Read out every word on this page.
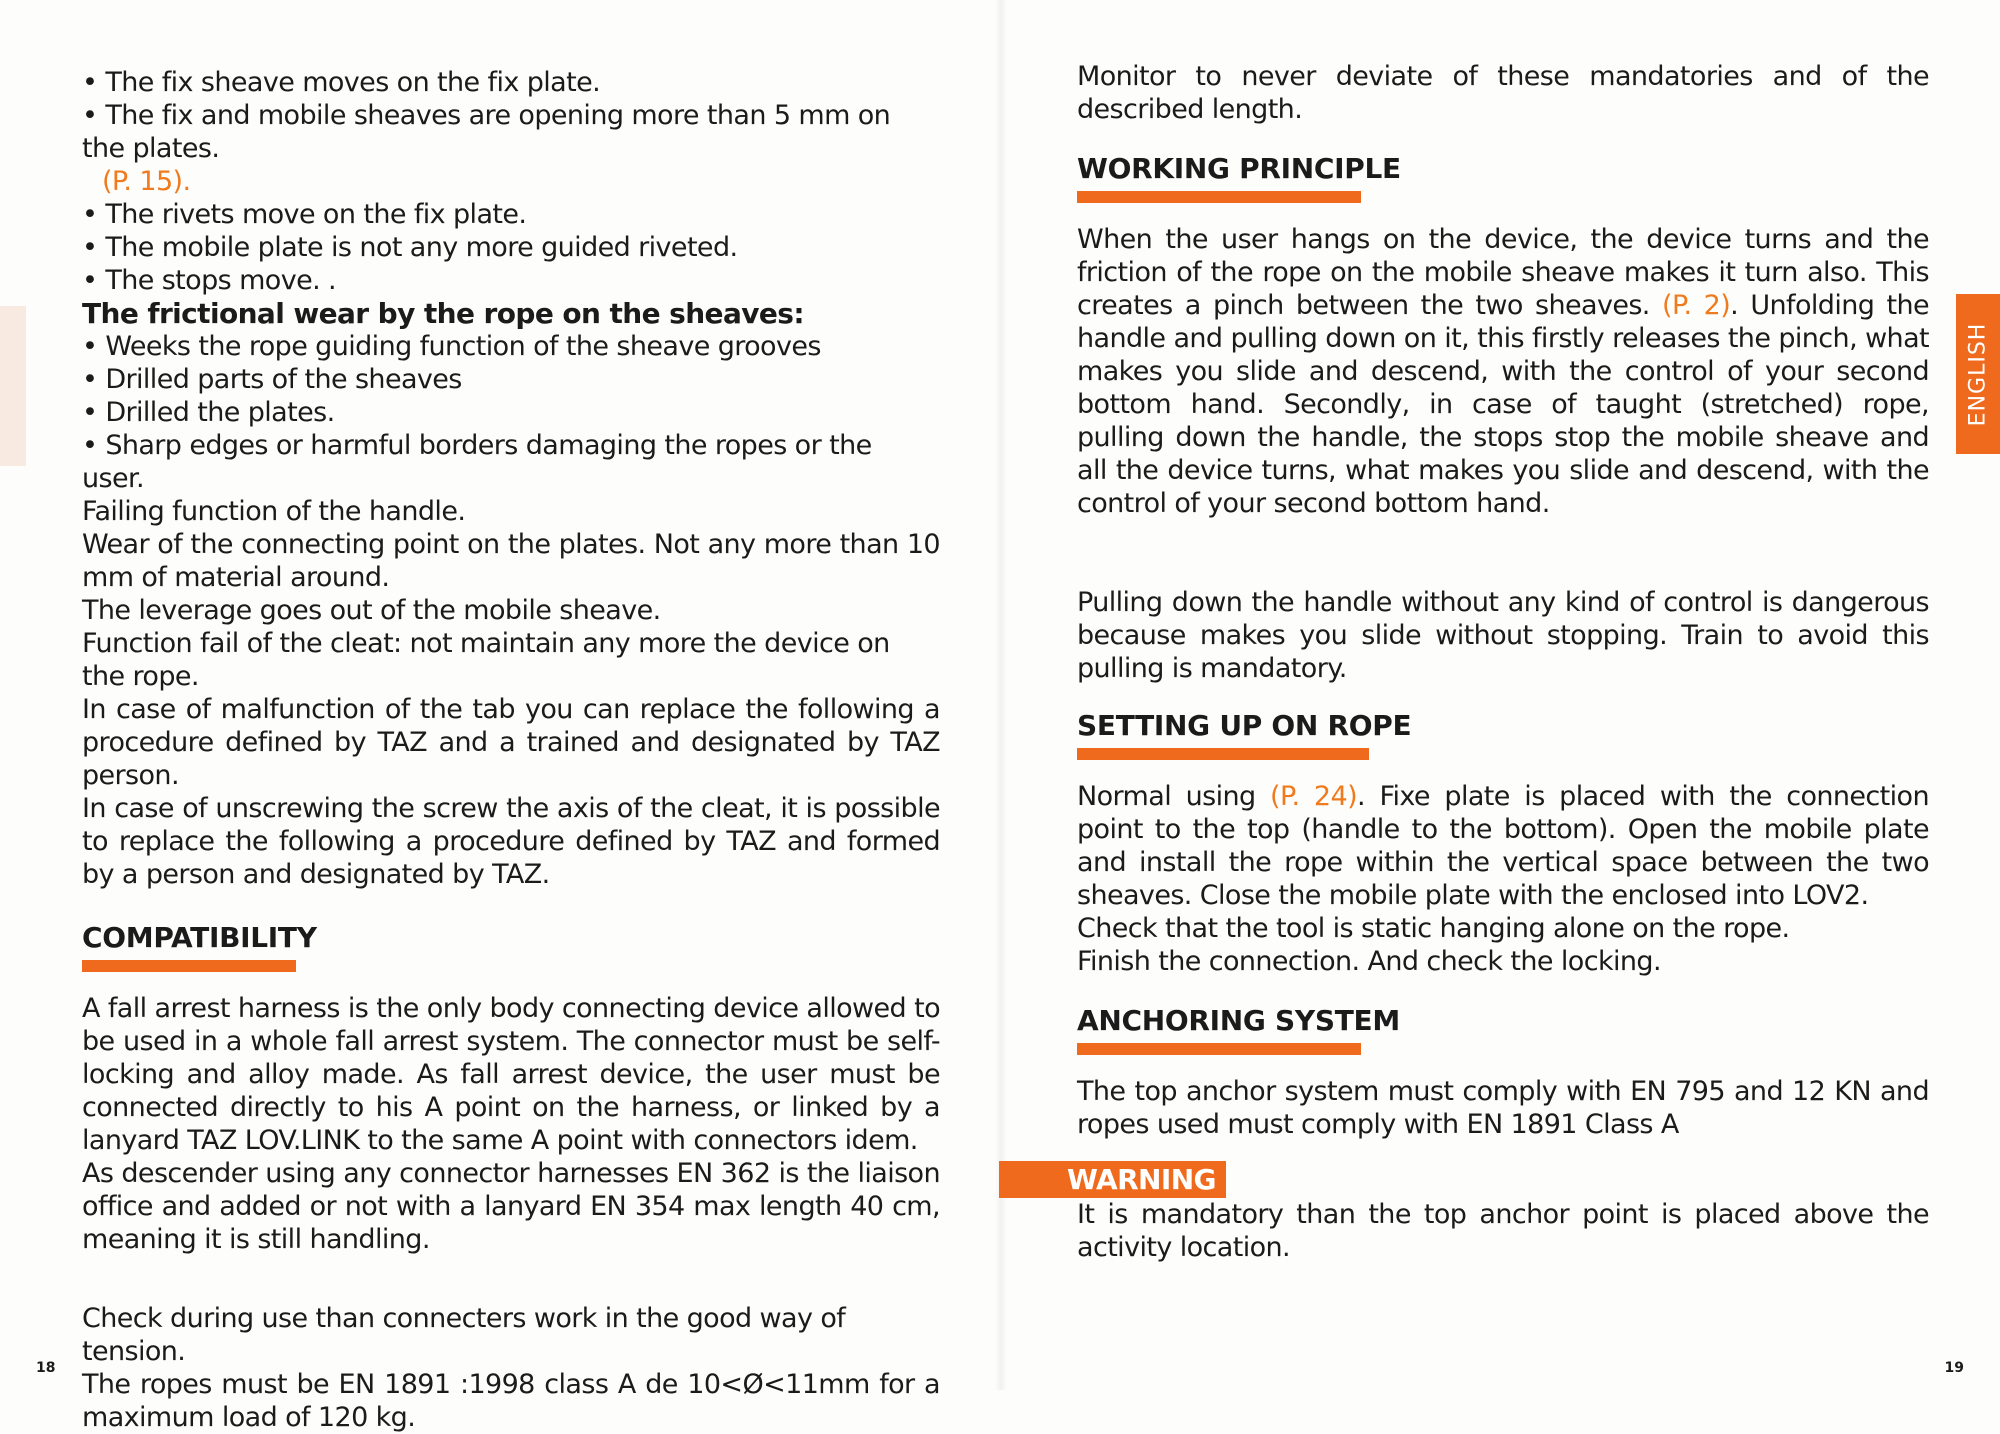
• The fix sheave moves on the fix plate.

• The fix and mobile sheaves are opening more than 5 mm on the plates.

(P. 15).

• The rivets move on the fix plate.

• The mobile plate is not any more guided riveted.

• The stops move. .

The frictional wear by the rope on the sheaves:

• Weeks the rope guiding function of the sheave grooves

• Drilled parts of the sheaves

• Drilled the plates.

• Sharp edges or harmful borders damaging the ropes or the user.

Failing function of the handle.

Wear of the connecting point on the plates. Not any more than 10 mm of material around.

The leverage goes out of the mobile sheave.

Function fail of the cleat: not maintain any more the device on the rope.

In case of malfunction of the tab you can replace the following a procedure defined by TAZ and a trained and designated by TAZ person.

In case of unscrewing the screw the axis of the cleat, it is possible to replace the following a procedure defined by TAZ and formed by a person and designated by TAZ.

COMPATIBILITY

A fall arrest harness is the only body connecting device allowed to be used in a whole fall arrest system. The connector must be self-locking and alloy made. As fall arrest device, the user must be connected directly to his A point on the harness, or linked by a lanyard TAZ LOV.LINK to the same A point with connectors idem.

As descender using any connector harnesses EN 362 is the liaison office and added or not with a lanyard EN 354 max length 40 cm, meaning it is still handling.

Check during use than connecters work in the good way of tension.

The ropes must be EN 1891 :1998 class A de 10<Ø<11mm for a maximum load of 120 kg.

18

Monitor to never deviate of these mandatories and of the described length.

WORKING PRINCIPLE

When the user hangs on the device, the device turns and the friction of the rope on the mobile sheave makes it turn also. This creates a pinch between the two sheaves. (P. 2). Unfolding the handle and pulling down on it, this firstly releases the pinch, what makes you slide and descend, with the control of your second bottom hand. Secondly, in case of taught (stretched) rope, pulling down the handle, the stops stop the mobile sheave and all the device turns, what makes you slide and descend, with the control of your second bottom hand.

Pulling down the handle without any kind of control is dangerous because makes you slide without stopping. Train to avoid this pulling is mandatory.

SETTING UP ON ROPE

Normal using (P. 24). Fixe plate is placed with the connection point to the top (handle to the bottom). Open the mobile plate and install the rope within the vertical space between the two sheaves. Close the mobile plate with the enclosed into LOV2.

Check that the tool is static hanging alone on the rope.

Finish the connection. And check the locking.

ANCHORING SYSTEM

The top anchor system must comply with EN 795 and 12 KN and ropes used must comply with EN 1891 Class A

WARNING

It is mandatory than the top anchor point is placed above the activity location.

ENGLISH
19
